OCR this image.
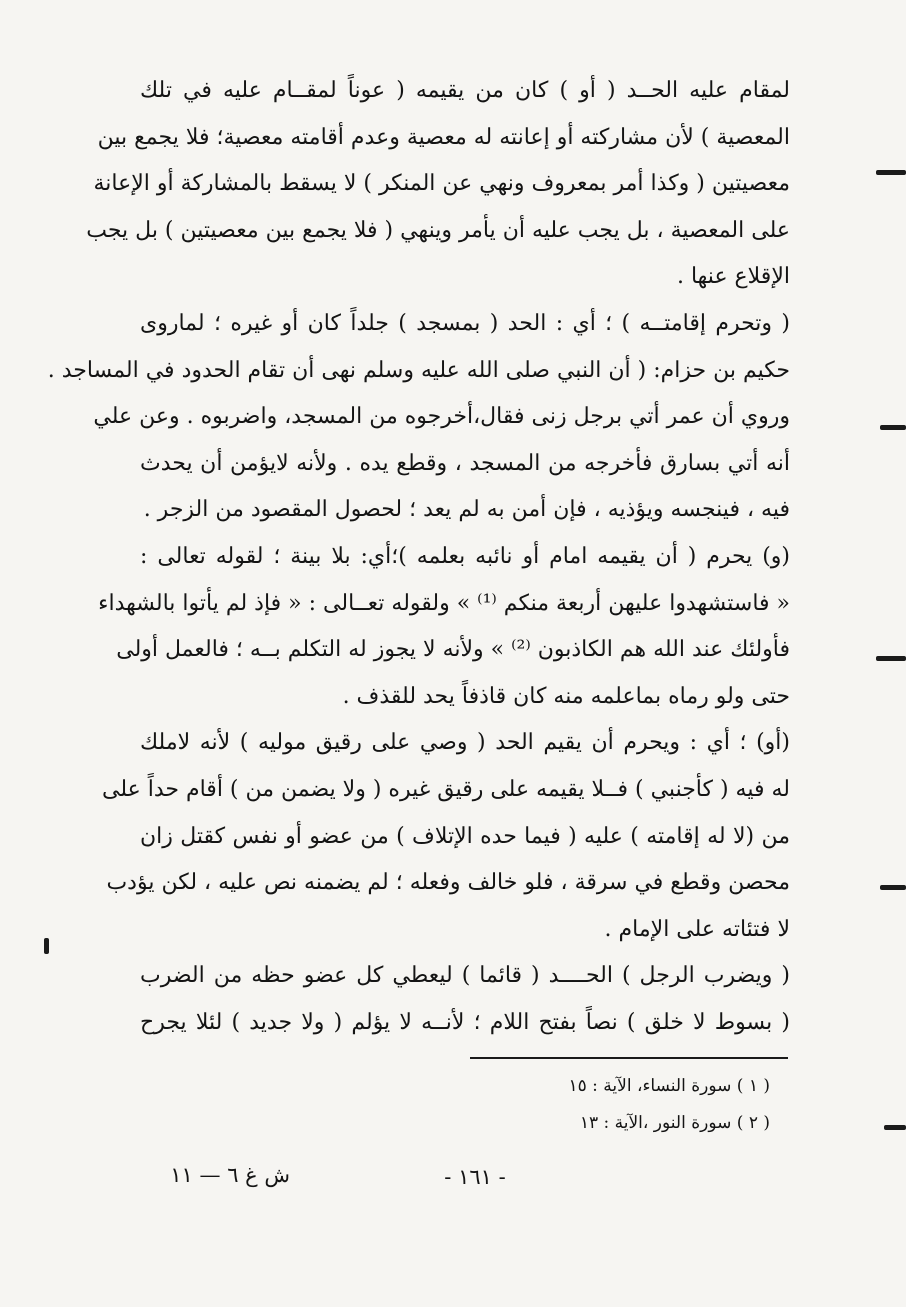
لمقام عليه الحــد ( أو ) كان من يقيمه ( عوناً لمقــام عليه في تلك
المعصية ) لأن مشاركته أو إعانته له معصية وعدم أقامته معصية؛ فلا يجمع بين
معصيتين ( وكذا أمر بمعروف ونهي عن المنكر ) لا يسقط بالمشاركة أو الإعانة
على المعصية ، بل يجب عليه أن يأمر وينهي ( فلا يجمع بين معصيتين ) بل يجب
الإقلاع عنها .
( وتحرم إقامتــه ) ؛ أي : الحد ( بمسجد ) جلداً كان أو غيره ؛ لماروى
حكيم بن حزام: ( أن النبي صلى الله عليه وسلم نهى أن تقام الحدود في المساجد .
وروي أن عمر أتي برجل زنى فقال،أخرجوه من المسجد، واضربوه . وعن علي
أنه أتي بسارق فأخرجه من المسجد ، وقطع يده . ولأنه لايؤمن أن يحدث
فيه ، فينجسه ويؤذيه ، فإن أمن به لم يعد ؛ لحصول المقصود من الزجر .
(و) يحرم ( أن يقيمه امام أو نائبه بعلمه )؛أي: بلا بينة ؛ لقوله تعالى :
« فاستشهدوا عليهن أربعة منكم ⁽¹⁾ » ولقوله تعــالى : « فإذ لم يأتوا بالشهداء
فأولئك عند الله هم الكاذبون ⁽²⁾ » ولأنه لا يجوز له التكلم بــه ؛ فالعمل أولى
حتى ولو رماه بماعلمه منه كان قاذفاً يحد للقذف .
(أو) ؛ أي : ويحرم أن يقيم الحد ( وصي على رقيق موليه ) لأنه لاملك
له فيه ( كأجنبي ) فــلا يقيمه على رقيق غيره ( ولا يضمن من ) أقام حداً على
من (لا له إقامته ) عليه ( فيما حده الإتلاف ) من عضو أو نفس كقتل زان
محصن وقطع في سرقة ، فلو خالف وفعله ؛ لم يضمنه نص عليه ، لكن يؤدب
لا فتئاته على الإمام .
( ويضرب الرجل ) الحــــد ( قائما ) ليعطي كل عضو حظه من الضرب
( بسوط لا خلق ) نصاً بفتح اللام ؛ لأنــه لا يؤلم ( ولا جديد ) لئلا يجرح
( ١ ) سورة النساء، الآية : ١٥
( ٢ ) سورة النور ،الآية : ١٣
- ١٦١ -
ش غ ٦ — ١١
